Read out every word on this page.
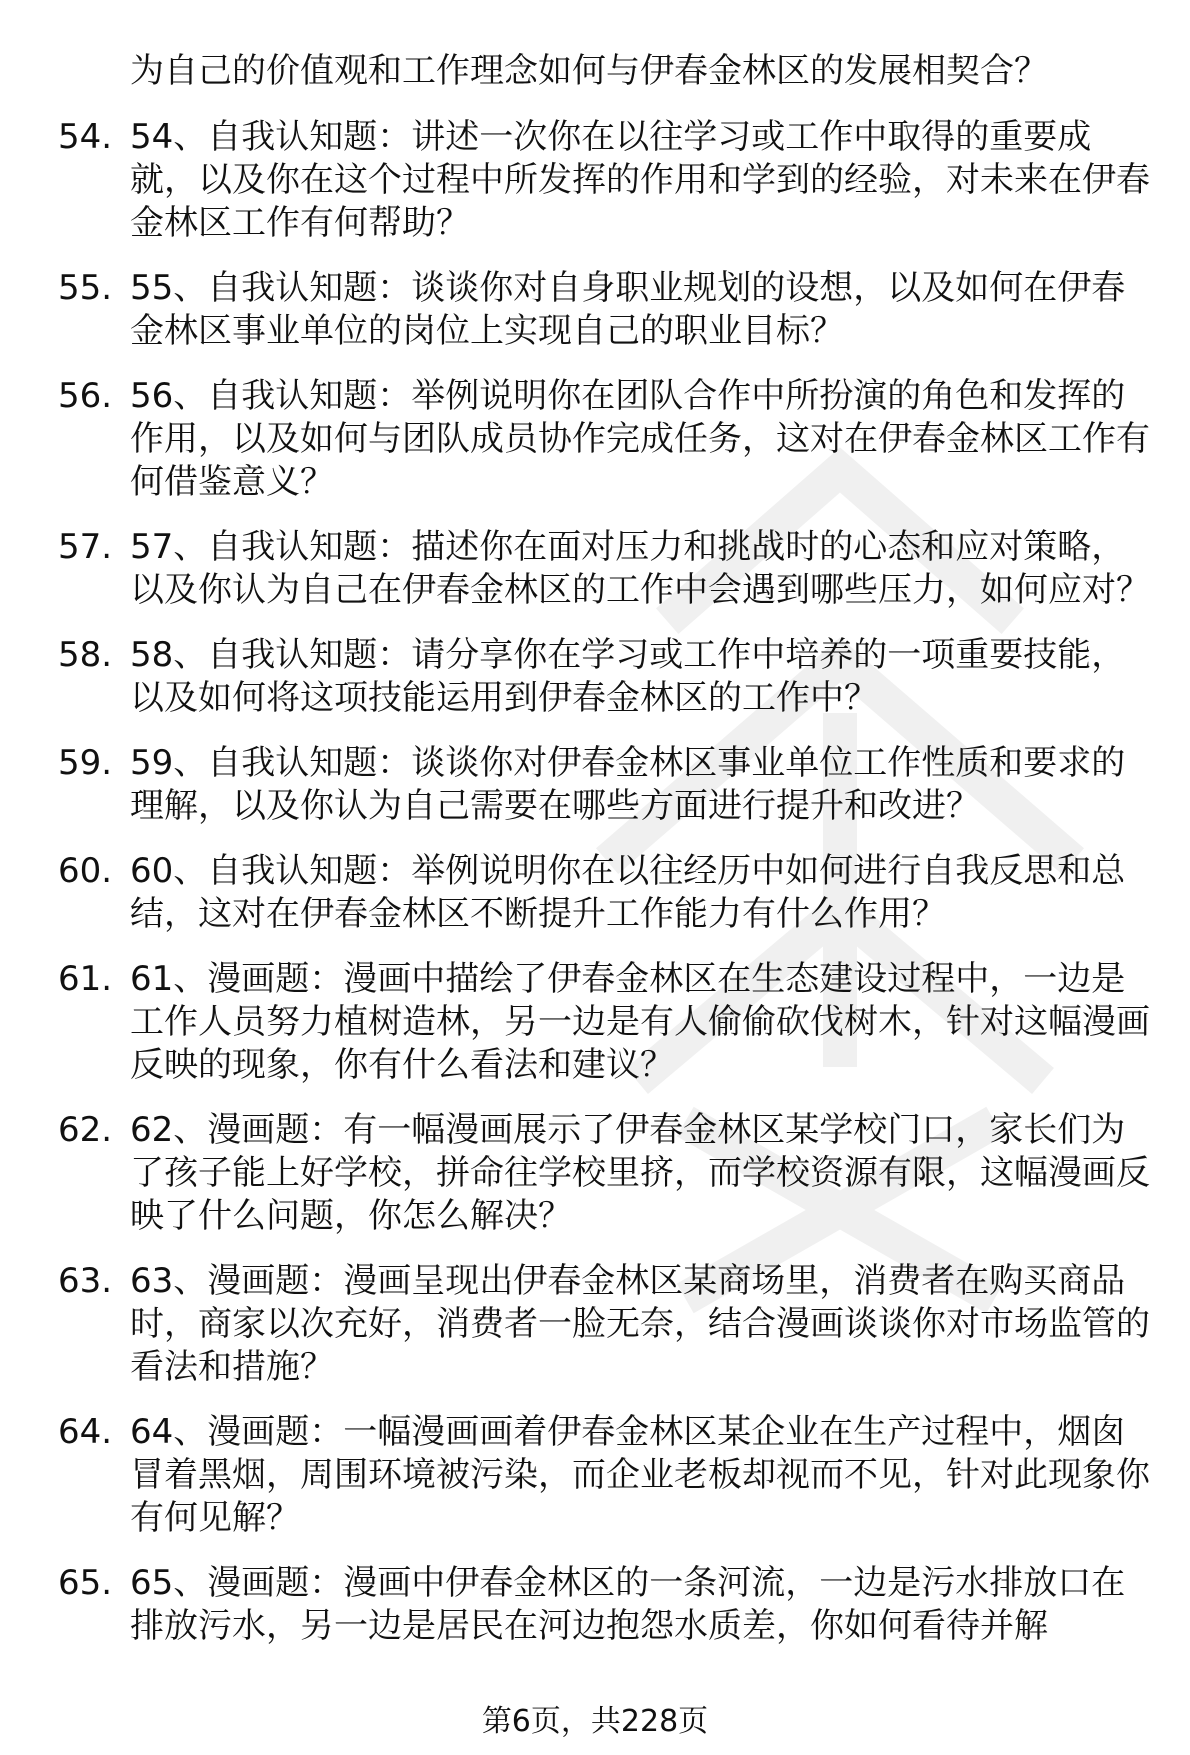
为自己的价值观和工作理念如何与伊春金林区的发展相契合？

54. 54、自我认知题：讲述一次你在以往学习或工作中取得的重要成就，以及你在这个过程中所发挥的作用和学到的经验，对未来在伊春金林区工作有何帮助？
55. 55、自我认知题：谈谈你对自身职业规划的设想，以及如何在伊春金林区事业单位的岗位上实现自己的职业目标？
56. 56、自我认知题：举例说明你在团队合作中所扮演的角色和发挥的作用，以及如何与团队成员协作完成任务，这对在伊春金林区工作有何借鉴意义？
57. 57、自我认知题：描述你在面对压力和挑战时的心态和应对策略，以及你认为自己在伊春金林区的工作中会遇到哪些压力，如何应对？
58. 58、自我认知题：请分享你在学习或工作中培养的一项重要技能，以及如何将这项技能运用到伊春金林区的工作中？
59. 59、自我认知题：谈谈你对伊春金林区事业单位工作性质和要求的理解，以及你认为自己需要在哪些方面进行提升和改进？
60. 60、自我认知题：举例说明你在以往经历中如何进行自我反思和总结，这对在伊春金林区不断提升工作能力有什么作用？
61. 61、漫画题：漫画中描绘了伊春金林区在生态建设过程中，一边是工作人员努力植树造林，另一边是有人偷偷砍伐树木，针对这幅漫画反映的现象，你有什么看法和建议？
62. 62、漫画题：有一幅漫画展示了伊春金林区某学校门口，家长们为了孩子能上好学校，拼命往学校里挤，而学校资源有限，这幅漫画反映了什么问题，你怎么解决？
63. 63、漫画题：漫画呈现出伊春金林区某商场里，消费者在购买商品时，商家以次充好，消费者一脸无奈，结合漫画谈谈你对市场监管的看法和措施？
64. 64、漫画题：一幅漫画画着伊春金林区某企业在生产过程中，烟囱冒着黑烟，周围环境被污染，而企业老板却视而不见，针对此现象你有何见解？
65. 65、漫画题：漫画中伊春金林区的一条河流，一边是污水排放口在排放污水，另一边是居民在河边抱怨水质差，你如何看待并解
第6页，共228页
